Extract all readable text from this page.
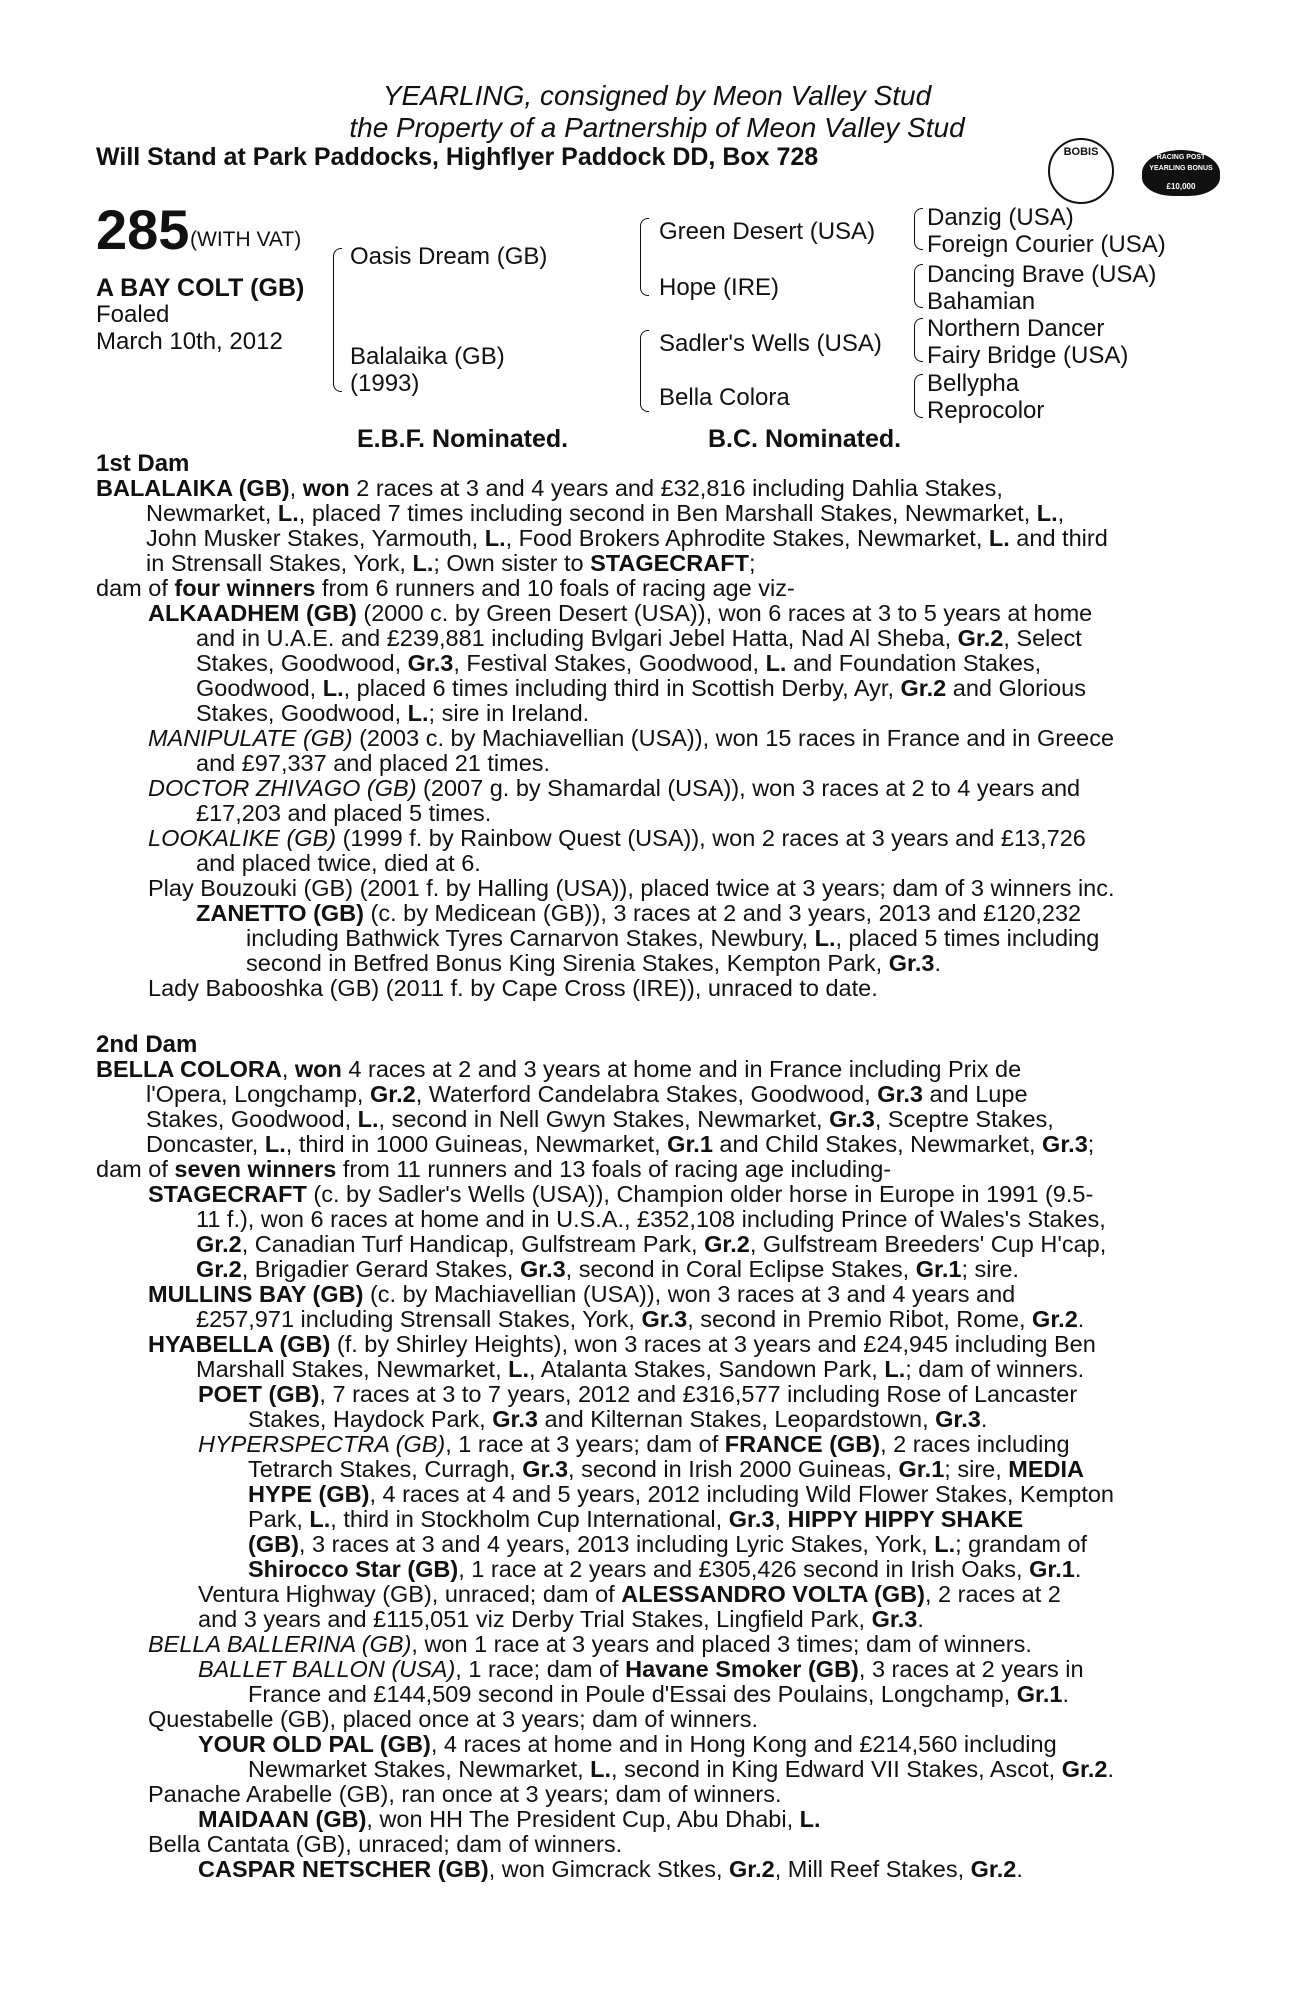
YEARLING, consigned by Meon Valley Stud
the Property of a Partnership of Meon Valley Stud
Will Stand at Park Paddocks, Highflyer Paddock DD, Box 728	BOBIS	RACING POST
YEARLING BONUS
£10,000
285 (WITH VAT)
A BAY COLT (GB)
Foaled
March 10th, 2012
Oasis Dream (GB)
Balalaika (GB)
(1993)
Green Desert (USA)
Hope (IRE)
Sadler's Wells (USA)
Bella Colora
Danzig (USA)
Foreign Courier (USA)
Dancing Brave (USA)
Bahamian
Northern Dancer
Fairy Bridge (USA)
Bellypha
Reprocolor
E.B.F. Nominated.	B.C. Nominated.
1st Dam
BALALAIKA (GB), won 2 races at 3 and 4 years and £32,816 including Dahlia Stakes,
Newmarket, L., placed 7 times including second in Ben Marshall Stakes, Newmarket, L.,
John Musker Stakes, Yarmouth, L., Food Brokers Aphrodite Stakes, Newmarket, L. and third
in Strensall Stakes, York, L.; Own sister to STAGECRAFT;
dam of four winners from 6 runners and 10 foals of racing age viz-
ALKAADHEM (GB) (2000 c. by Green Desert (USA)), won 6 races at 3 to 5 years at home
and in U.A.E. and £239,881 including Bvlgari Jebel Hatta, Nad Al Sheba, Gr.2, Select
Stakes, Goodwood, Gr.3, Festival Stakes, Goodwood, L. and Foundation Stakes,
Goodwood, L., placed 6 times including third in Scottish Derby, Ayr, Gr.2 and Glorious
Stakes, Goodwood, L.; sire in Ireland.
MANIPULATE (GB) (2003 c. by Machiavellian (USA)), won 15 races in France and in Greece
and £97,337 and placed 21 times.
DOCTOR ZHIVAGO (GB) (2007 g. by Shamardal (USA)), won 3 races at 2 to 4 years and
£17,203 and placed 5 times.
LOOKALIKE (GB) (1999 f. by Rainbow Quest (USA)), won 2 races at 3 years and £13,726
and placed twice, died at 6.
Play Bouzouki (GB) (2001 f. by Halling (USA)), placed twice at 3 years; dam of 3 winners inc.
ZANETTO (GB) (c. by Medicean (GB)), 3 races at 2 and 3 years, 2013 and £120,232
including Bathwick Tyres Carnarvon Stakes, Newbury, L., placed 5 times including
second in Betfred Bonus King Sirenia Stakes, Kempton Park, Gr.3.
Lady Babooshka (GB) (2011 f. by Cape Cross (IRE)), unraced to date.
2nd Dam
BELLA COLORA, won 4 races at 2 and 3 years at home and in France including Prix de
l'Opera, Longchamp, Gr.2, Waterford Candelabra Stakes, Goodwood, Gr.3 and Lupe
Stakes, Goodwood, L., second in Nell Gwyn Stakes, Newmarket, Gr.3, Sceptre Stakes,
Doncaster, L., third in 1000 Guineas, Newmarket, Gr.1 and Child Stakes, Newmarket, Gr.3;
dam of seven winners from 11 runners and 13 foals of racing age including-
STAGECRAFT (c. by Sadler's Wells (USA)), Champion older horse in Europe in 1991 (9.5-
11 f.), won 6 races at home and in U.S.A., £352,108 including Prince of Wales's Stakes,
Gr.2, Canadian Turf Handicap, Gulfstream Park, Gr.2, Gulfstream Breeders' Cup H'cap,
Gr.2, Brigadier Gerard Stakes, Gr.3, second in Coral Eclipse Stakes, Gr.1; sire.
MULLINS BAY (GB) (c. by Machiavellian (USA)), won 3 races at 3 and 4 years and
£257,971 including Strensall Stakes, York, Gr.3, second in Premio Ribot, Rome, Gr.2.
HYABELLA (GB) (f. by Shirley Heights), won 3 races at 3 years and £24,945 including Ben
Marshall Stakes, Newmarket, L., Atalanta Stakes, Sandown Park, L.; dam of winners.
POET (GB), 7 races at 3 to 7 years, 2012 and £316,577 including Rose of Lancaster
Stakes, Haydock Park, Gr.3 and Kilternan Stakes, Leopardstown, Gr.3.
HYPERSPECTRA (GB), 1 race at 3 years; dam of FRANCE (GB), 2 races including
Tetrarch Stakes, Curragh, Gr.3, second in Irish 2000 Guineas, Gr.1; sire, MEDIA
HYPE (GB), 4 races at 4 and 5 years, 2012 including Wild Flower Stakes, Kempton
Park, L., third in Stockholm Cup International, Gr.3, HIPPY HIPPY SHAKE
(GB), 3 races at 3 and 4 years, 2013 including Lyric Stakes, York, L.; grandam of
Shirocco Star (GB), 1 race at 2 years and £305,426 second in Irish Oaks, Gr.1.
Ventura Highway (GB), unraced; dam of ALESSANDRO VOLTA (GB), 2 races at 2
and 3 years and £115,051 viz Derby Trial Stakes, Lingfield Park, Gr.3.
BELLA BALLERINA (GB), won 1 race at 3 years and placed 3 times; dam of winners.
BALLET BALLON (USA), 1 race; dam of Havane Smoker (GB), 3 races at 2 years in
France and £144,509 second in Poule d'Essai des Poulains, Longchamp, Gr.1.
Questabelle (GB), placed once at 3 years; dam of winners.
YOUR OLD PAL (GB), 4 races at home and in Hong Kong and £214,560 including
Newmarket Stakes, Newmarket, L., second in King Edward VII Stakes, Ascot, Gr.2.
Panache Arabelle (GB), ran once at 3 years; dam of winners.
MAIDAAN (GB), won HH The President Cup, Abu Dhabi, L.
Bella Cantata (GB), unraced; dam of winners.
CASPAR NETSCHER (GB), won Gimcrack Stkes, Gr.2, Mill Reef Stakes, Gr.2.
